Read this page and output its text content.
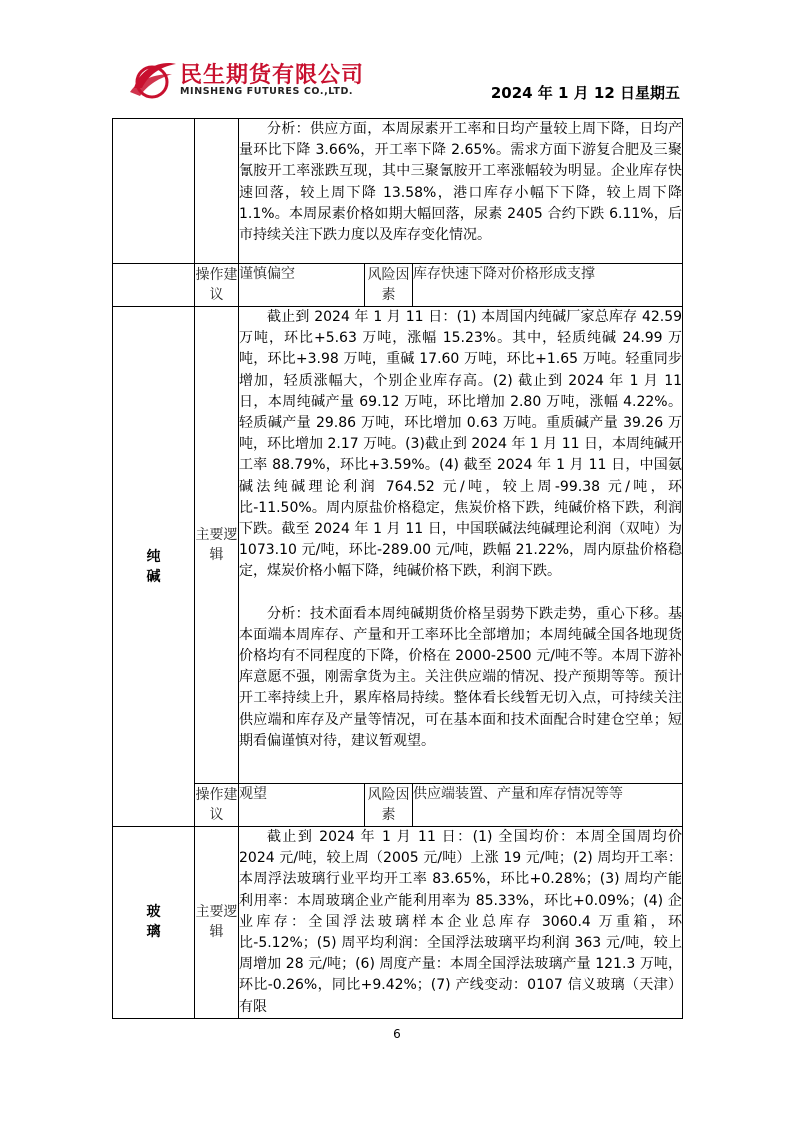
民生期货有限公司
MINSHENG FUTURES CO.,LTD.	2024 年 1 月 12 日星期五

		分析：供应方面，本周尿素开工率和日均产量较上周下降，日均产量环比下降 3.66%，开工率下降 2.65%。需求方面下游复合肥及三聚氰胺开工率涨跌互现，其中三聚氰胺开工率涨幅较为明显。企业库存快速回落，较上周下降 13.58%，港口库存小幅下下降，较上周下降 1.1%。本周尿素价格如期大幅回落，尿素 2405 合约下跌 6.11%，后市持续关注下跌力度以及库存变化情况。		

	操作建议	谨慎偏空	风险因素	库存快速下降对价格形成支撑
纯碱	主要逻辑	截止到 2024 年 1 月 11 日：(1) 本周国内纯碱厂家总库存 42.59 万吨，环比+5.63 万吨，涨幅 15.23%。其中，轻质纯碱 24.99 万吨，环比+3.98 万吨，重碱 17.60 万吨，环比+1.65 万吨。轻重同步增加，轻质涨幅大，个别企业库存高。(2) 截止到 2024 年 1 月 11 日，本周纯碱产量 69.12 万吨，环比增加 2.80 万吨，涨幅 4.22%。轻质碱产量 29.86 万吨，环比增加 0.63 万吨。重质碱产量 39.26 万吨，环比增加 2.17 万吨。(3)截止到 2024 年 1 月 11 日，本周纯碱开工率 88.79%，环比+3.59%。(4) 截至 2024 年 1 月 11 日，中国氨碱法纯碱理论利润 764.52 元/吨，较上周-99.38 元/吨，环比-11.50%。周内原盐价格稳定，焦炭价格下跌，纯碱价格下跌，利润下跌。截至 2024 年 1 月 11 日，中国联碱法纯碱理论利润（双吨）为 1073.10 元/吨，环比-289.00 元/吨，跌幅 21.22%，周内原盐价格稳定，煤炭价格小幅下降，纯碱价格下跌，利润下跌。

分析：技术面看本周纯碱期货价格呈弱势下跌走势，重心下移。基本面端本周库存、产量和开工率环比全部增加；本周纯碱全国各地现货价格均有不同程度的下降，价格在 2000-2500 元/吨不等。本周下游补库意愿不强，刚需拿货为主。关注供应端的情况、投产预期等等。预计开工率持续上升，累库格局持续。整体看长线暂无切入点，可持续关注供应端和库存及产量等情况，可在基本面和技术面配合时建仓空单；短期看偏谨慎对待，建议暂观望。		

	操作建议	观望	风险因素	供应端装置、产量和库存情况等等
玻璃	主要逻辑	截止到 2024 年 1 月 11 日：(1) 全国均价：本周全国周均价 2024 元/吨，较上周（2005 元/吨）上涨 19 元/吨；(2) 周均开工率：本周浮法玻璃行业平均开工率 83.65%，环比+0.28%；(3) 周均产能利用率：本周玻璃企业产能利用率为 85.33%，环比+0.09%；(4) 企业库存：全国浮法玻璃样本企业总库存 3060.4 万重箱，环比-5.12%；(5) 周平均利润：全国浮法玻璃平均利润 363 元/吨，较上周增加 28 元/吨；(6) 周度产量：本周全国浮法玻璃产量 121.3 万吨，环比-0.26%，同比+9.42%；(7) 产线变动：0107 信义玻璃（天津）有限		

6
